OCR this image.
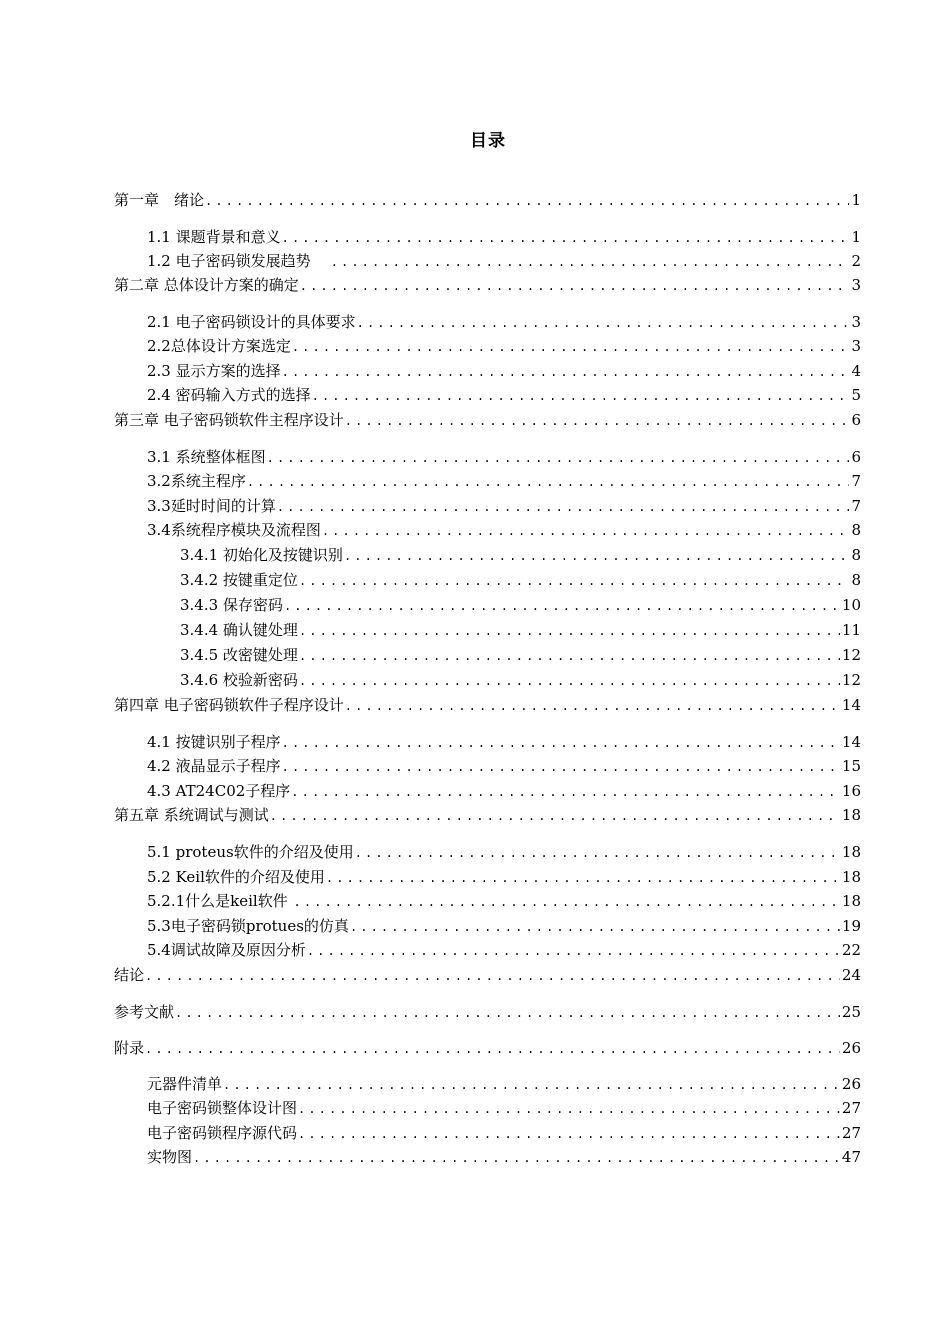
目录
第一章　绪论 .....	1
1.1 课题背景和意义 .....	1
1.2 电子密码锁发展趋势 .....	2
第二章 总体设计方案的确定 .....	3
2.1 电子密码锁设计的具体要求 .....	3
2.2总体设计方案选定 .....	3
2.3 显示方案的选择 .....	4
2.4 密码输入方式的选择 .....	5
第三章 电子密码锁软件主程序设计 .....	6
3.1 系统整体框图 .....	6
3.2系统主程序 .....	7
3.3延时时间的计算 .....	7
3.4系统程序模块及流程图 .....	8
3.4.1 初始化及按键识别 .....	8
3.4.2 按键重定位 .....	8
3.4.3 保存密码 .....	10
3.4.4 确认键处理 .....	11
3.4.5 改密键处理 .....	12
3.4.6 校验新密码 .....	12
第四章 电子密码锁软件子程序设计 .....	14
4.1 按键识别子程序 .....	14
4.2 液晶显示子程序 .....	15
4.3 AT24C02子程序 .....	16
第五章 系统调试与测试 .....	18
5.1 proteus软件的介绍及使用 .....	18
5.2 Keil软件的介绍及使用 .....	18
5.2.1什么是keil软件 .....	18
5.3电子密码锁protues的仿真 .....	19
5.4调试故障及原因分析 .....	22
结论 .....	24
参考文献 .....	25
附录 .....	26
元器件清单 .....	26
电子密码锁整体设计图 .....	27
电子密码锁程序源代码 .....	27
实物图 .....	47
